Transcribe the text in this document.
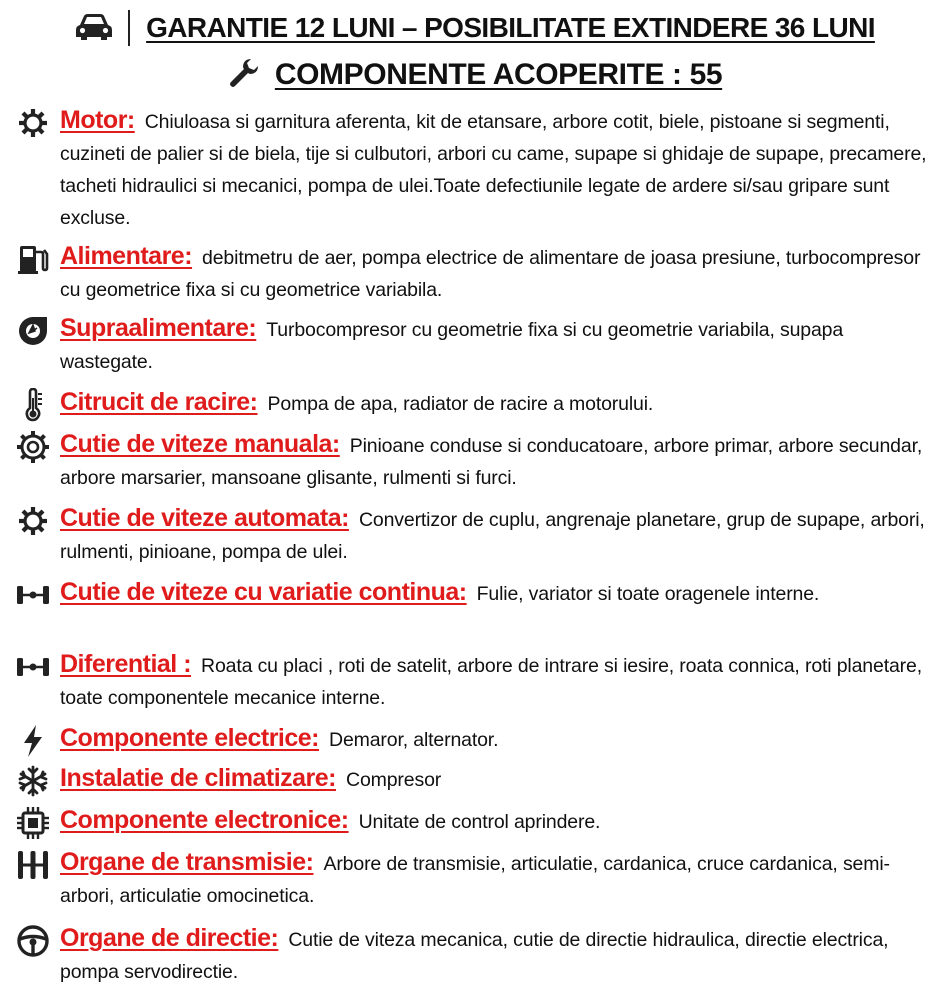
GARANTIE 12 LUNI – POSIBILITATE EXTINDERE 36 LUNI
COMPONENTE ACOPERITE : 55
Motor: Chiuloasa si garnitura aferenta, kit de etansare, arbore cotit, biele, pistoane si segmenti, cuzineti de palier si de biela, tije si culbutori, arbori cu came, supape si ghidaje de supape, precamere, tacheti hidraulici si mecanici, pompa de ulei.Toate defectiunile legate de ardere si/sau gripare sunt excluse.
Alimentare: debitmetru de aer, pompa electrice de alimentare de joasa presiune, turbocompresor cu geometrice fixa si cu geometrice variabila.
Supraalimentare: Turbocompresor cu geometrie fixa si cu geometrie variabila, supapa wastegate.
Citrucit de racire: Pompa de apa, radiator de racire a motorului.
Cutie de viteze manuala: Pinioane conduse si conducatoare, arbore primar, arbore secundar, arbore marsarier, mansoane glisante, rulmenti si furci.
Cutie de viteze automata: Convertizor de cuplu, angrenaje planetare, grup de supape, arbori, rulmenti, pinioane, pompa de ulei.
Cutie de viteze cu variatie continua: Fulie, variator si toate oragenele interne.
Diferential : Roata cu placi , roti de satelit, arbore de intrare si iesire, roata connica, roti planetare, toate componentele mecanice interne.
Componente electrice: Demaror, alternator.
Instalatie de climatizare: Compresor
Componente electronice: Unitate de control aprindere.
Organe de transmisie: Arbore de transmisie, articulatie, cardanica, cruce cardanica, semi-arbori, articulatie omocinetica.
Organe de directie: Cutie de viteza mecanica, cutie de directie hidraulica, directie electrica, pompa servodirectie.
